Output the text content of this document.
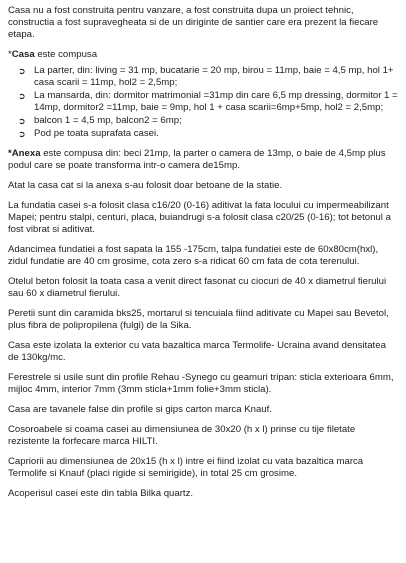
Casa nu a fost construita pentru vanzare, a fost construita dupa un proiect tehnic, constructia a fost supravegheata si de un diriginte de santier care era prezent la fiecare etapa.

*Casa este compusa

➲ La parter, din: living = 31 mp, bucatarie = 20 mp, birou = 11mp, baie = 4,5 mp, hol 1+ casa scarii = 11mp, hol2 = 2,5mp;
➲ La mansarda, din: dormitor matrimonial =31mp din care 6,5 mp dressing, dormitor 1 = 14mp, dormitor2 =11mp, baie = 9mp, hol 1 + casa scarii=6mp+5mp, hol2 = 2,5mp;
➲ balcon 1 = 4,5 mp, balcon2 = 6mp;
➲ Pod pe toata suprafata casei.

*Anexa este compusa din: beci 21mp, la parter o camera de 13mp, o baie de 4,5mp plus podul care se poate transforma intr-o camera de15mp.

Atat la casa cat si la anexa s-au folosit doar betoane de la statie.

La fundatia casei s-a folosit clasa c16/20 (0-16) aditivat la fata locului cu impermeabilizant Mapei; pentru stalpi, centuri, placa, buiandrugi s-a folosit clasa c20/25 (0-16); tot betonul a fost vibrat si aditivat.

Adancimea fundatiei a fost sapata la 155 -175cm, talpa fundatiei este de 60x80cm(hxl), zidul fundatie are 40 cm grosime, cota zero s-a ridicat 60 cm fata de cota terenului.

Otelul beton folosit la toata casa a venit direct fasonat cu ciocuri de 40 x diametrul fierului sau 60 x diametrul fierului.

Peretii sunt din caramida bks25, mortarul si tencuiala fiind aditivate cu Mapei sau Bevetol, plus fibra de polipropilena (fulgi) de la Sika.

Casa este izolata la exterior cu vata bazaltica marca Termolife- Ucraina avand densitatea de 130kg/mc.

Ferestrele si usile sunt din profile Rehau -Synego cu geamuri tripan: sticla exterioara 6mm, mijloc 4mm, interior 7mm (3mm sticla+1mm folie+3mm sticla).

Casa are tavanele false din profile si gips carton marca Knauf.

Cosoroabele si coama casei au dimensiunea de 30x20 (h x l) prinse cu tije filetate rezistente la forfecare marca HILTI.

Capriorii au dimensiunea de 20x15 (h x l) intre ei fiind izolat cu vata bazaltica marca Termolife si Knauf (placi rigide si semirigide), in total 25 cm grosime.

Acoperisul casei este din tabla Bilka quartz.
